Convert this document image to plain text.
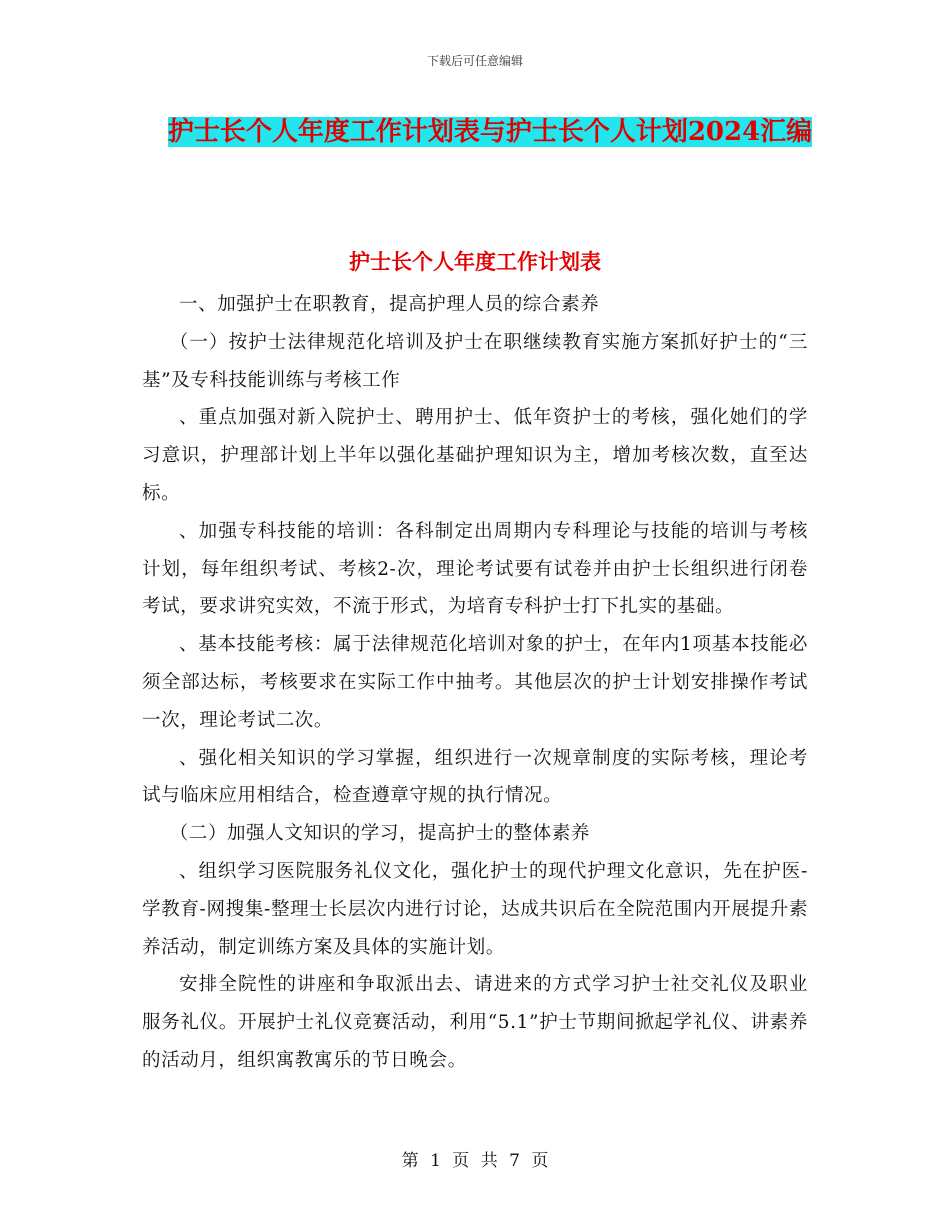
下载后可任意编辑
护士长个人年度工作计划表与护士长个人计划2024汇编
护士长个人年度工作计划表

一、加强护士在职教育，提高护理人员的综合素养

（一）按护士法律规范化培训及护士在职继续教育实施方案抓好护士的“三基”及专科技能训练与考核工作

、重点加强对新入院护士、聘用护士、低年资护士的考核，强化她们的学习意识，护理部计划上半年以强化基础护理知识为主，增加考核次数，直至达标。

、加强专科技能的培训：各科制定出周期内专科理论与技能的培训与考核计划，每年组织考试、考核2-次，理论考试要有试卷并由护士长组织进行闭卷考试，要求讲究实效，不流于形式，为培育专科护士打下扎实的基础。

、基本技能考核：属于法律规范化培训对象的护士，在年内1项基本技能必须全部达标，考核要求在实际工作中抽考。其他层次的护士计划安排操作考试一次，理论考试二次。

、强化相关知识的学习掌握，组织进行一次规章制度的实际考核，理论考试与临床应用相结合，检查遵章守规的执行情况。

（二）加强人文知识的学习，提高护士的整体素养

、组织学习医院服务礼仪文化，强化护士的现代护理文化意识，先在护医-学教育-网搜集-整理士长层次内进行讨论，达成共识后在全院范围内开展提升素养活动，制定训练方案及具体的实施计划。

安排全院性的讲座和争取派出去、请进来的方式学习护士社交礼仪及职业服务礼仪。开展护士礼仪竞赛活动，利用“5.1”护士节期间掀起学礼仪、讲素养的活动月，组织寓教寓乐的节日晚会。

第 1 页 共 7 页
